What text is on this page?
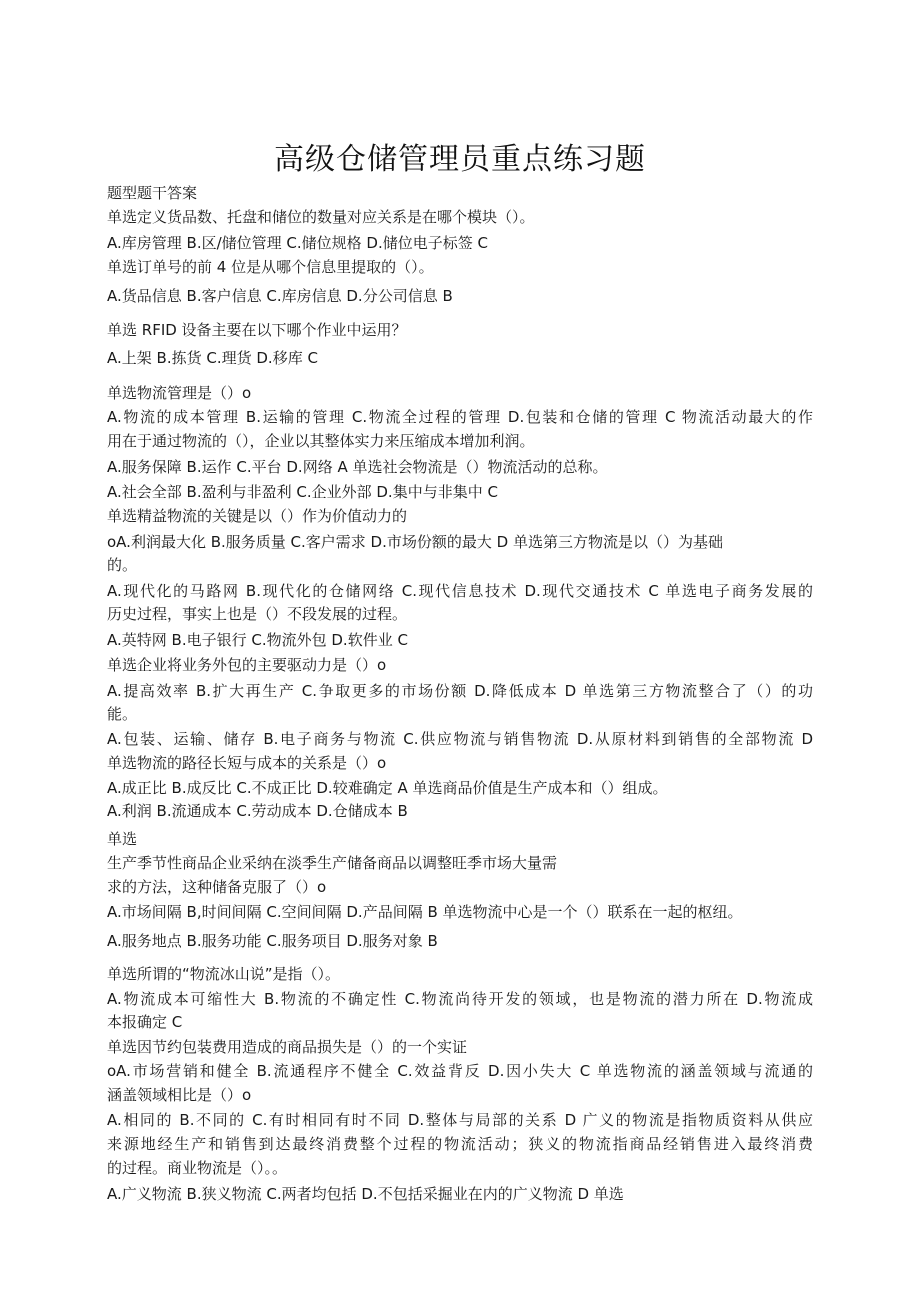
高级仓储管理员重点练习题
题型题干答案
单选定义货品数、托盘和储位的数量对应关系是在哪个模块（）。
A.库房管理 B.区/储位管理 C.储位规格 D.储位电子标签 C
单选订单号的前 4 位是从哪个信息里提取的（）。
A.货品信息 B.客户信息 C.库房信息 D.分公司信息 B
单选 RFID 设备主要在以下哪个作业中运用？
A.上架 B.拣货 C.理货 D.移库 C
单选物流管理是（）o
A.物流的成本管理 B.运输的管理 C.物流全过程的管理 D.包装和仓储的管理 C 物流活动最大的作
用在于通过物流的（），企业以其整体实力来压缩成本增加利润。
A.服务保障 B.运作 C.平台 D.网络 A 单选社会物流是（）物流活动的总称。
A.社会全部 B.盈利与非盈利 C.企业外部 D.集中与非集中 C
单选精益物流的关键是以（）作为价值动力的
oA.利润最大化 B.服务质量 C.客户需求 D.市场份额的最大 D 单选第三方物流是以（）为基础
的。
A.现代化的马路网 B.现代化的仓储网络 C.现代信息技术 D.现代交通技术 C 单选电子商务发展的
历史过程，事实上也是（）不段发展的过程。
A.英特网 B.电子银行 C.物流外包 D.软件业 C
单选企业将业务外包的主要驱动力是（）o
A.提高效率 B.扩大再生产 C.争取更多的市场份额 D.降低成本 D 单选第三方物流整合了（）的功
能。
A.包装、运输、储存 B.电子商务与物流 C.供应物流与销售物流 D.从原材料到销售的全部物流 D
单选物流的路径长短与成本的关系是（）o
A.成正比 B.成反比 C.不成正比 D.较难确定 A 单选商品价值是生产成本和（）组成。
A.利润 B.流通成本 C.劳动成本 D.仓储成本 B
单选
生产季节性商品企业采纳在淡季生产储备商品以调整旺季市场大量需
求的方法，这种储备克服了（）o
A.市场间隔 B,时间间隔 C.空间间隔 D.产品间隔 B 单选物流中心是一个（）联系在一起的枢纽。
A.服务地点 B.服务功能 C.服务项目 D.服务对象 B
单选所谓的“物流冰山说”是指（）。
A.物流成本可缩性大 B.物流的不确定性 C.物流尚待开发的领域，也是物流的潜力所在 D.物流成
本报确定 C
单选因节约包装费用造成的商品损失是（）的一个实证
oA.市场营销和健全 B.流通程序不健全 C.效益背反 D.因小失大 C 单选物流的涵盖领域与流通的
涵盖领域相比是（）o
A.相同的 B.不同的 C.有时相同有时不同 D.整体与局部的关系 D 广义的物流是指物质资料从供应
来源地经生产和销售到达最终消费整个过程的物流活动；狭义的物流指商品经销售进入最终消费
的过程。商业物流是（）。。
A.广义物流 B.狭义物流 C.两者均包括 D.不包括采掘业在内的广义物流 D 单选
